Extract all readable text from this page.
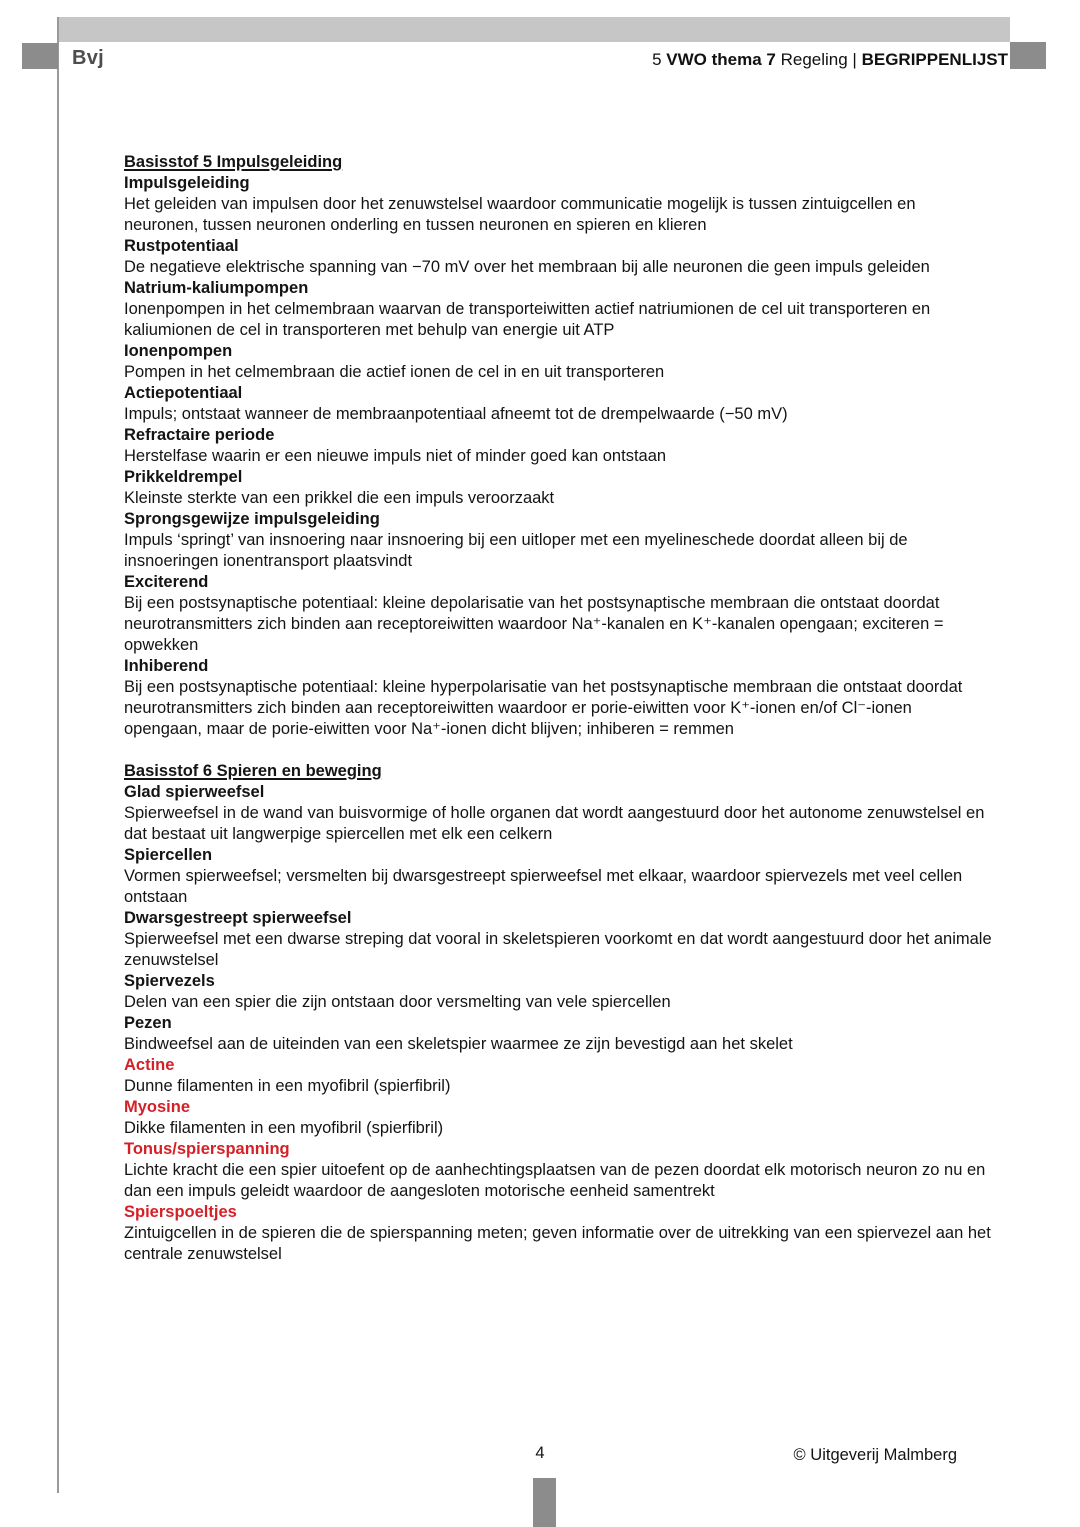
Bvj	5 VWO thema 7 Regeling | BEGRIPPENLIJST
Basisstof 5 Impulsgeleiding
Impulsgeleiding
Het geleiden van impulsen door het zenuwstelsel waardoor communicatie mogelijk is tussen zintuigcellen en neuronen, tussen neuronen onderling en tussen neuronen en spieren en klieren
Rustpotentiaal
De negatieve elektrische spanning van −70 mV over het membraan bij alle neuronen die geen impuls geleiden
Natrium-kaliumpompen
Ionenpompen in het celmembraan waarvan de transporteiwitten actief natriumionen de cel uit transporteren en kaliumionen de cel in transporteren met behulp van energie uit ATP
Ionenpompen
Pompen in het celmembraan die actief ionen de cel in en uit transporteren
Actiepotentiaal
Impuls; ontstaat wanneer de membraanpotentiaal afneemt tot de drempelwaarde (−50 mV)
Refractaire periode
Herstelfase waarin er een nieuwe impuls niet of minder goed kan ontstaan
Prikkeldrempel
Kleinste sterkte van een prikkel die een impuls veroorzaakt
Sprongsgewijze impulsgeleiding
Impuls ‘springt’ van insnoering naar insnoering bij een uitloper met een myelineschede doordat alleen bij de insnoeringen ionentransport plaatsvindt
Exciterend
Bij een postsynaptische potentiaal: kleine depolarisatie van het postsynaptische membraan die ontstaat doordat neurotransmitters zich binden aan receptoreiwitten waardoor Na⁺-kanalen en K⁺-kanalen opengaan; exciteren = opwekken
Inhiberend
Bij een postsynaptische potentiaal: kleine hyperpolarisatie van het postsynaptische membraan die ontstaat doordat neurotransmitters zich binden aan receptoreiwitten waardoor er porie-eiwitten voor K⁺-ionen en/of Cl⁻-ionen opengaan, maar de porie-eiwitten voor Na⁺-ionen dicht blijven; inhiberen = remmen
Basisstof 6 Spieren en beweging
Glad spierweefsel
Spierweefsel in de wand van buisvormige of holle organen dat wordt aangestuurd door het autonome zenuwstelsel en dat bestaat uit langwerpige spiercellen met elk een celkern
Spiercellen
Vormen spierweefsel; versmelten bij dwarsgestreept spierweefsel met elkaar, waardoor spiervezels met veel cellen ontstaan
Dwarsgestreept spierweefsel
Spierweefsel met een dwarse streping dat vooral in skeletspieren voorkomt en dat wordt aangestuurd door het animale zenuwstelsel
Spiervezels
Delen van een spier die zijn ontstaan door versmelting van vele spiercellen
Pezen
Bindweefsel aan de uiteinden van een skeletspier waarmee ze zijn bevestigd aan het skelet
Actine
Dunne filamenten in een myofibril (spierfibril)
Myosine
Dikke filamenten in een myofibril (spierfibril)
Tonus/spierspanning
Lichte kracht die een spier uitoefent op de aanhechtingsplaatsen van de pezen doordat elk motorisch neuron zo nu en dan een impuls geleidt waardoor de aangesloten motorische eenheid samentrekt
Spierspoeltjes
Zintuigcellen in de spieren die de spierspanning meten; geven informatie over de uitrekking van een spiervezel aan het centrale zenuwstelsel
4	© Uitgeverij Malmberg
